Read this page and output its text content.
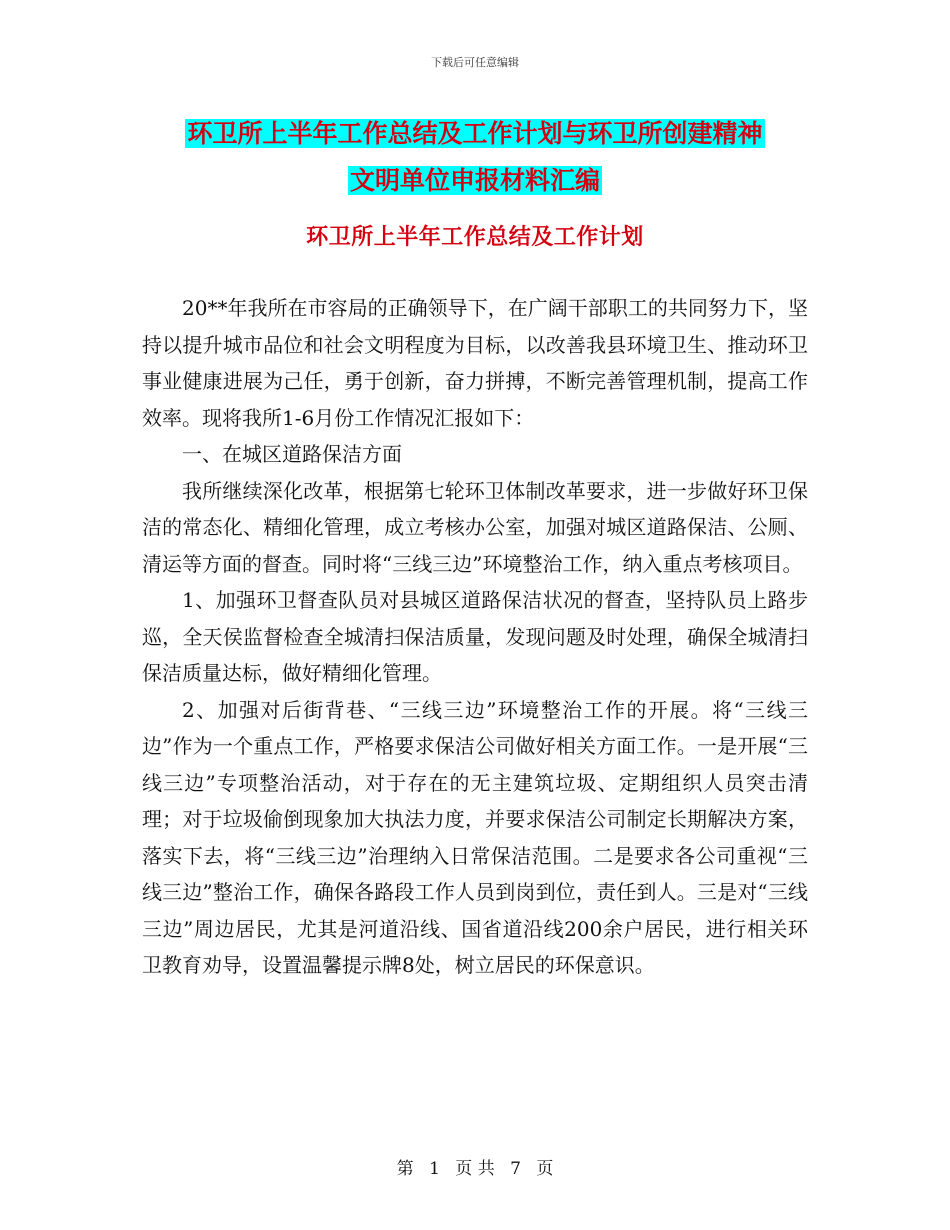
下载后可任意编辑
环卫所上半年工作总结及工作计划与环卫所创建精神
文明单位申报材料汇编
环卫所上半年工作总结及工作计划

20**年我所在市容局的正确领导下，在广阔干部职工的共同努力下，坚持以提升城市品位和社会文明程度为目标，以改善我县环境卫生、推动环卫事业健康进展为己任，勇于创新，奋力拼搏，不断完善管理机制，提高工作效率。现将我所1-6月份工作情况汇报如下：

一、在城区道路保洁方面

我所继续深化改革，根据第七轮环卫体制改革要求，进一步做好环卫保洁的常态化、精细化管理，成立考核办公室，加强对城区道路保洁、公厕、清运等方面的督查。同时将“三线三边”环境整治工作，纳入重点考核项目。

1、加强环卫督查队员对县城区道路保洁状况的督查，坚持队员上路步巡，全天侯监督检查全城清扫保洁质量，发现问题及时处理，确保全城清扫保洁质量达标，做好精细化管理。

2、加强对后街背巷、“三线三边”环境整治工作的开展。将“三线三边”作为一个重点工作，严格要求保洁公司做好相关方面工作。一是开展“三线三边”专项整治活动，对于存在的无主建筑垃圾、定期组织人员突击清理；对于垃圾偷倒现象加大执法力度，并要求保洁公司制定长期解决方案，落实下去，将“三线三边”治理纳入日常保洁范围。二是要求各公司重视“三线三边”整治工作，确保各路段工作人员到岗到位，责任到人。三是对“三线三边”周边居民，尤其是河道沿线、国省道沿线200余户居民，进行相关环卫教育劝导，设置温馨提示牌8处，树立居民的环保意识。

第 1 页 共 7 页
